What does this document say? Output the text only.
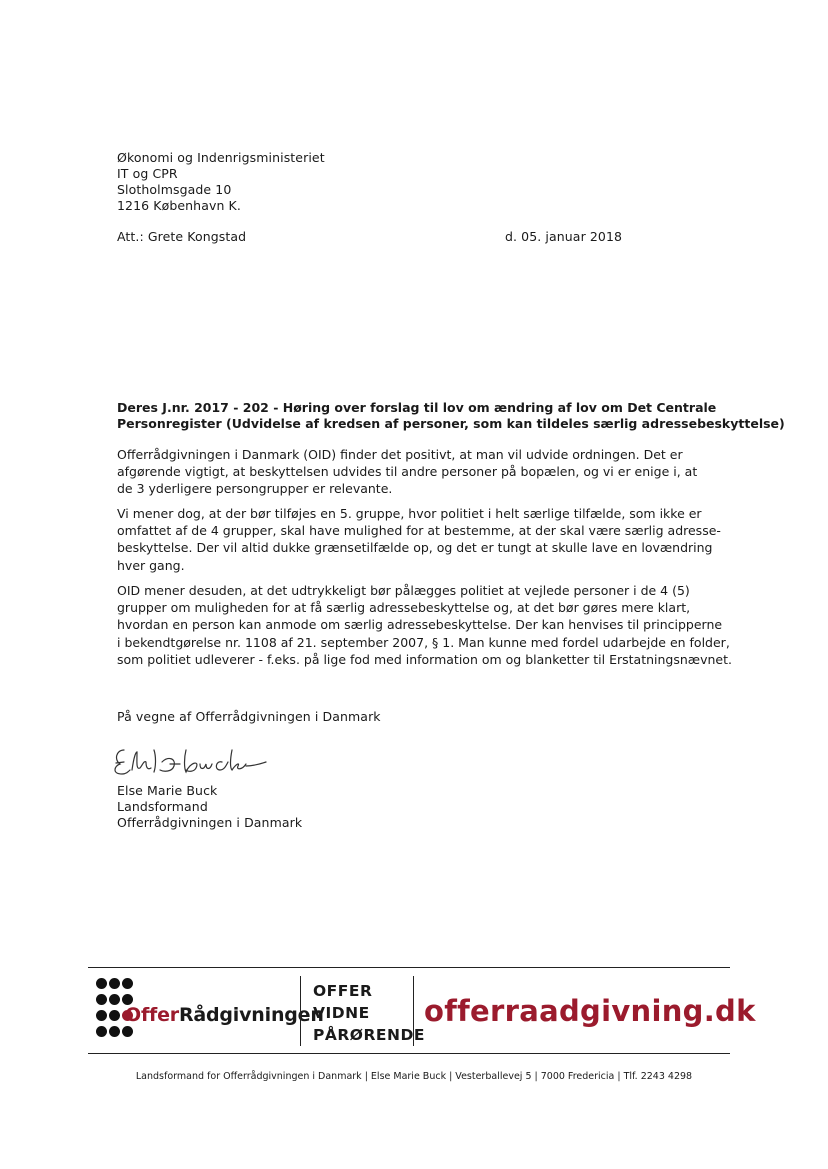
Økonomi og Indenrigsministeriet
IT og CPR
Slotholmsgade 10
1216 København K.
Att.: Grete Kongstad	d. 05. januar 2018
Deres J.nr. 2017 - 202 - Høring over forslag til lov om ændring af lov om Det Centrale
Personregister (Udvidelse af kredsen af personer, som kan tildeles særlig adressebeskyttelse)
Offerrådgivningen i Danmark (OID) finder det positivt, at man vil udvide ordningen. Det er
afgørende vigtigt, at beskyttelsen udvides til andre personer på bopælen, og vi er enige i, at
de 3 yderligere persongrupper er relevante.
Vi mener dog, at der bør tilføjes en 5. gruppe, hvor politiet i helt særlige tilfælde, som ikke er
omfattet af de 4 grupper, skal have mulighed for at bestemme, at der skal være særlig adresse-
beskyttelse. Der vil altid dukke grænsetilfælde op, og det er tungt at skulle lave en lovændring
hver gang.
OID mener desuden, at det udtrykkeligt bør pålægges politiet at vejlede personer i de 4 (5)
grupper om muligheden for at få særlig adressebeskyttelse og, at det bør gøres mere klart,
hvordan en person kan anmode om særlig adressebeskyttelse. Der kan henvises til principperne
i bekendtgørelse nr. 1108 af 21. september 2007, § 1. Man kunne med fordel udarbejde en folder,
som politiet udleverer - f.eks. på lige fod med information om og blanketter til Erstatningsnævnet.
På vegne af Offerrådgivningen i Danmark
Else Marie Buck
Landsformand
Offerrådgivningen i Danmark
OfferRådgivningen
OFFER
VIDNE
PÅRØRENDE
offerraadgivning.dk
Landsformand for Offerrådgivningen i Danmark | Else Marie Buck | Vesterballevej 5 | 7000 Fredericia | Tlf. 2243 4298
